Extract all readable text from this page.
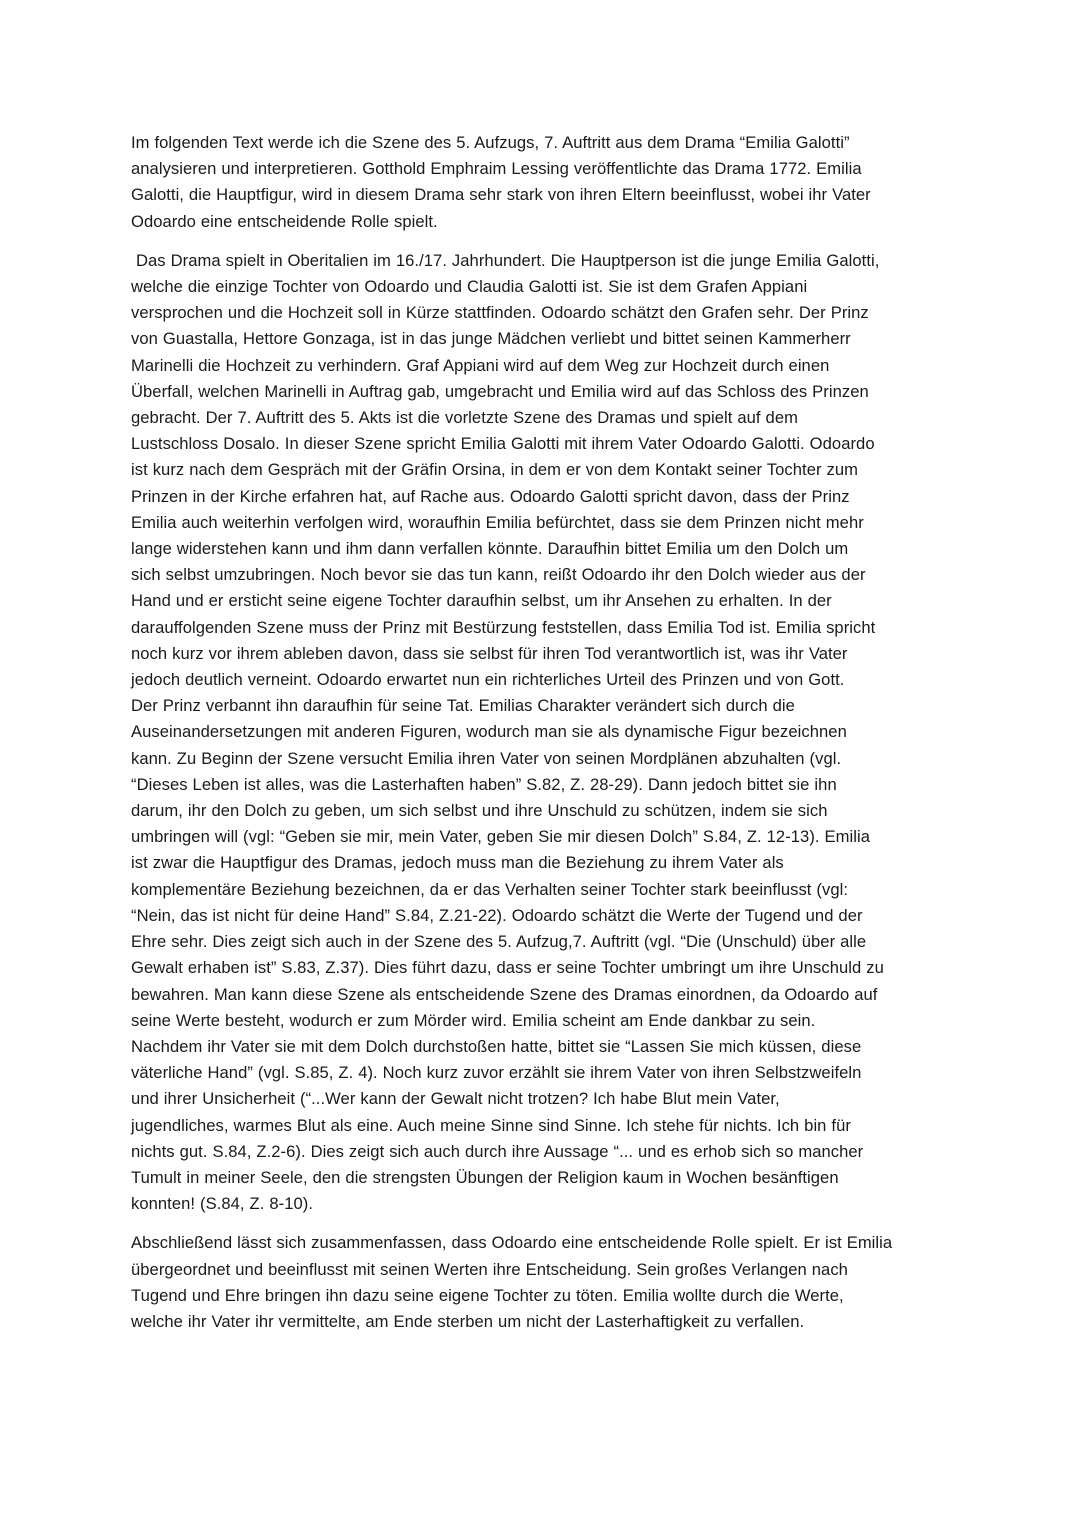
Im folgenden Text werde ich die Szene des 5. Aufzugs, 7. Auftritt aus dem Drama “Emilia Galotti”
analysieren und interpretieren. Gotthold Emphraim Lessing veröffentlichte das Drama 1772. Emilia
Galotti, die Hauptfigur, wird in diesem Drama sehr stark von ihren Eltern beeinflusst, wobei ihr Vater
Odoardo eine entscheidende Rolle spielt.

Das Drama spielt in Oberitalien im 16./17. Jahrhundert. Die Hauptperson ist die junge Emilia Galotti,
welche die einzige Tochter von Odoardo und Claudia Galotti ist. Sie ist dem Grafen Appiani
versprochen und die Hochzeit soll in Kürze stattfinden. Odoardo schätzt den Grafen sehr. Der Prinz
von Guastalla, Hettore Gonzaga, ist in das junge Mädchen verliebt und bittet seinen Kammerherr
Marinelli die Hochzeit zu verhindern. Graf Appiani wird auf dem Weg zur Hochzeit durch einen
Überfall, welchen Marinelli in Auftrag gab, umgebracht und Emilia wird auf das Schloss des Prinzen
gebracht. Der 7. Auftritt des 5. Akts ist die vorletzte Szene des Dramas und spielt auf dem
Lustschloss Dosalo. In dieser Szene spricht Emilia Galotti mit ihrem Vater Odoardo Galotti. Odoardo
ist kurz nach dem Gespräch mit der Gräfin Orsina, in dem er von dem Kontakt seiner Tochter zum
Prinzen in der Kirche erfahren hat, auf Rache aus. Odoardo Galotti spricht davon, dass der Prinz
Emilia auch weiterhin verfolgen wird, woraufhin Emilia befürchtet, dass sie dem Prinzen nicht mehr
lange widerstehen kann und ihm dann verfallen könnte. Daraufhin bittet Emilia um den Dolch um
sich selbst umzubringen. Noch bevor sie das tun kann, reißt Odoardo ihr den Dolch wieder aus der
Hand und er ersticht seine eigene Tochter daraufhin selbst, um ihr Ansehen zu erhalten. In der
darauffolgenden Szene muss der Prinz mit Bestürzung feststellen, dass Emilia Tod ist. Emilia spricht
noch kurz vor ihrem ableben davon, dass sie selbst für ihren Tod verantwortlich ist, was ihr Vater
jedoch deutlich verneint. Odoardo erwartet nun ein richterliches Urteil des Prinzen und von Gott.
Der Prinz verbannt ihn daraufhin für seine Tat. Emilias Charakter verändert sich durch die
Auseinandersetzungen mit anderen Figuren, wodurch man sie als dynamische Figur bezeichnen
kann. Zu Beginn der Szene versucht Emilia ihren Vater von seinen Mordplänen abzuhalten (vgl.
“Dieses Leben ist alles, was die Lasterhaften haben” S.82, Z. 28-29). Dann jedoch bittet sie ihn
darum, ihr den Dolch zu geben, um sich selbst und ihre Unschuld zu schützen, indem sie sich
umbringen will (vgl: “Geben sie mir, mein Vater, geben Sie mir diesen Dolch” S.84, Z. 12-13). Emilia
ist zwar die Hauptfigur des Dramas, jedoch muss man die Beziehung zu ihrem Vater als
komplementäre Beziehung bezeichnen, da er das Verhalten seiner Tochter stark beeinflusst (vgl:
“Nein, das ist nicht für deine Hand” S.84, Z.21-22). Odoardo schätzt die Werte der Tugend und der
Ehre sehr. Dies zeigt sich auch in der Szene des 5. Aufzug,7. Auftritt (vgl. “Die (Unschuld) über alle
Gewalt erhaben ist” S.83, Z.37). Dies führt dazu, dass er seine Tochter umbringt um ihre Unschuld zu
bewahren. Man kann diese Szene als entscheidende Szene des Dramas einordnen, da Odoardo auf
seine Werte besteht, wodurch er zum Mörder wird. Emilia scheint am Ende dankbar zu sein.
Nachdem ihr Vater sie mit dem Dolch durchstoßen hatte, bittet sie “Lassen Sie mich küssen, diese
väterliche Hand” (vgl. S.85, Z. 4). Noch kurz zuvor erzählt sie ihrem Vater von ihren Selbstzweifeln
und ihrer Unsicherheit (“...Wer kann der Gewalt nicht trotzen? Ich habe Blut mein Vater,
jugendliches, warmes Blut als eine. Auch meine Sinne sind Sinne. Ich stehe für nichts. Ich bin für
nichts gut. S.84, Z.2-6). Dies zeigt sich auch durch ihre Aussage “... und es erhob sich so mancher
Tumult in meiner Seele, den die strengsten Übungen der Religion kaum in Wochen besänftigen
konnten! (S.84, Z. 8-10).

Abschließend lässt sich zusammenfassen, dass Odoardo eine entscheidende Rolle spielt. Er ist Emilia
übergeordnet und beeinflusst mit seinen Werten ihre Entscheidung. Sein großes Verlangen nach
Tugend und Ehre bringen ihn dazu seine eigene Tochter zu töten. Emilia wollte durch die Werte,
welche ihr Vater ihr vermittelte, am Ende sterben um nicht der Lasterhaftigkeit zu verfallen.
